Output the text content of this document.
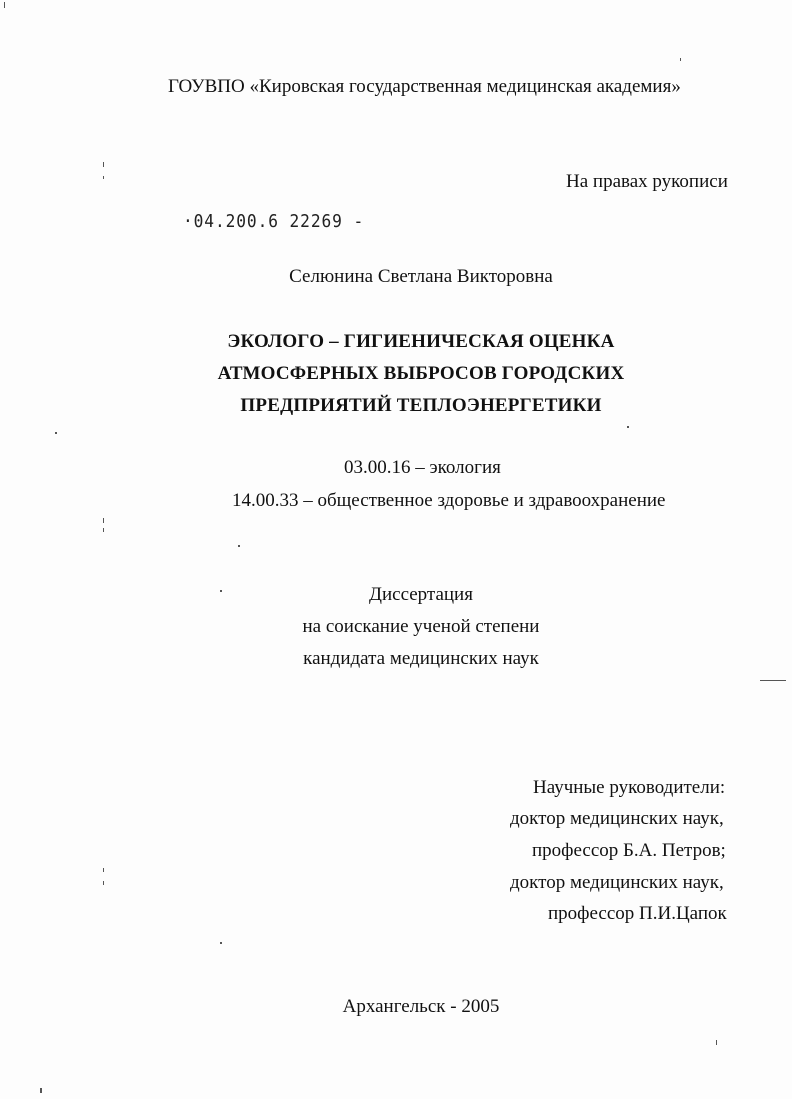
ГОУВПО «Кировская государственная медицинская академия»
На правах рукописи
·04.200.6 22269 -
Селюнина Светлана Викторовна
ЭКОЛОГО – ГИГИЕНИЧЕСКАЯ ОЦЕНКА
АТМОСФЕРНЫХ ВЫБРОСОВ ГОРОДСКИХ
ПРЕДПРИЯТИЙ ТЕПЛОЭНЕРГЕТИКИ
03.00.16 – экология
14.00.33 – общественное здоровье и здравоохранение
Диссертация
на соискание ученой степени
кандидата медицинских наук
Научные руководители:
доктор медицинских наук,
профессор Б.А. Петров;
доктор медицинских наук,
профессор П.И.Цапок
Архангельск - 2005
